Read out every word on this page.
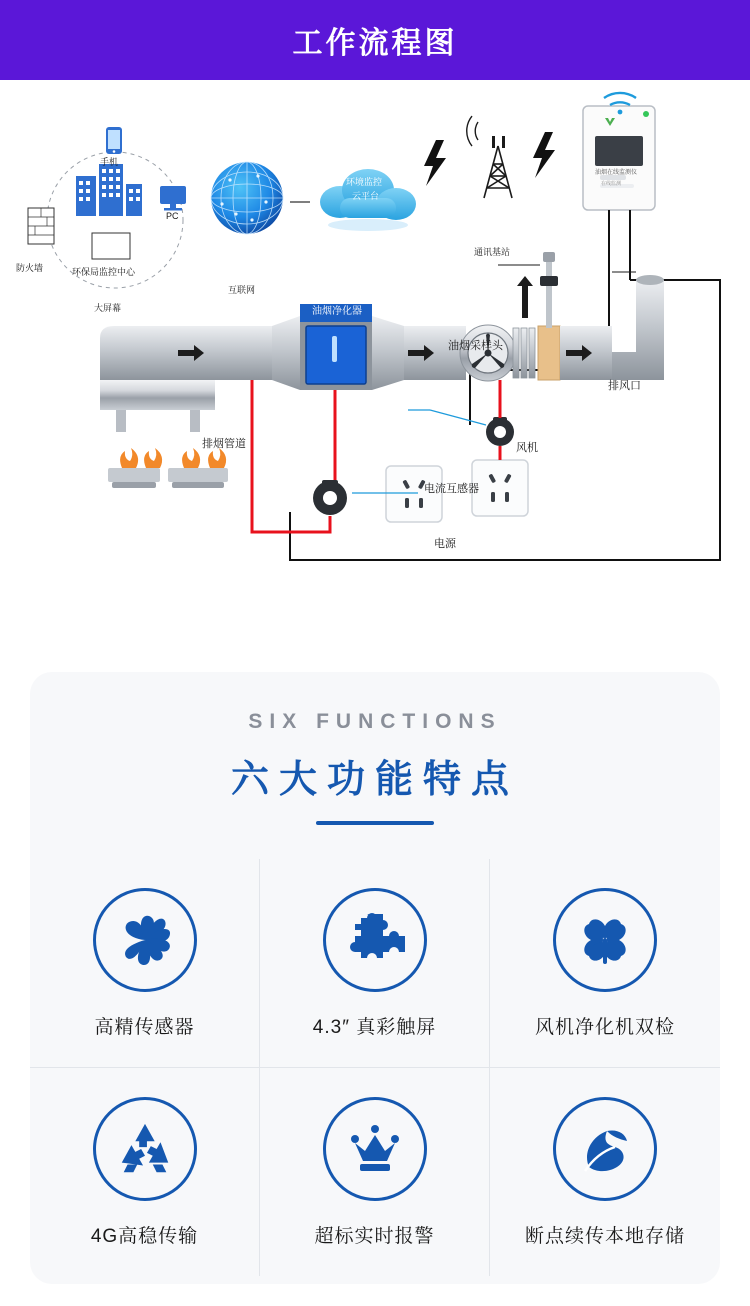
工作流程图
防火墙
手机
环保局监控中心
PC
大屏幕
互联网
环境监控
云平台
通讯基站
油烟在线监测仪
在线监测
油烟采样头
排风口
排烟管道
油烟净化器
风机
电流互感器
电源
SIX FUNCTIONS
六大功能特点
高精传感器	4.3″ 真彩触屏	风机净化机双检
4G高稳传输	超标实时报警	断点续传本地存储
